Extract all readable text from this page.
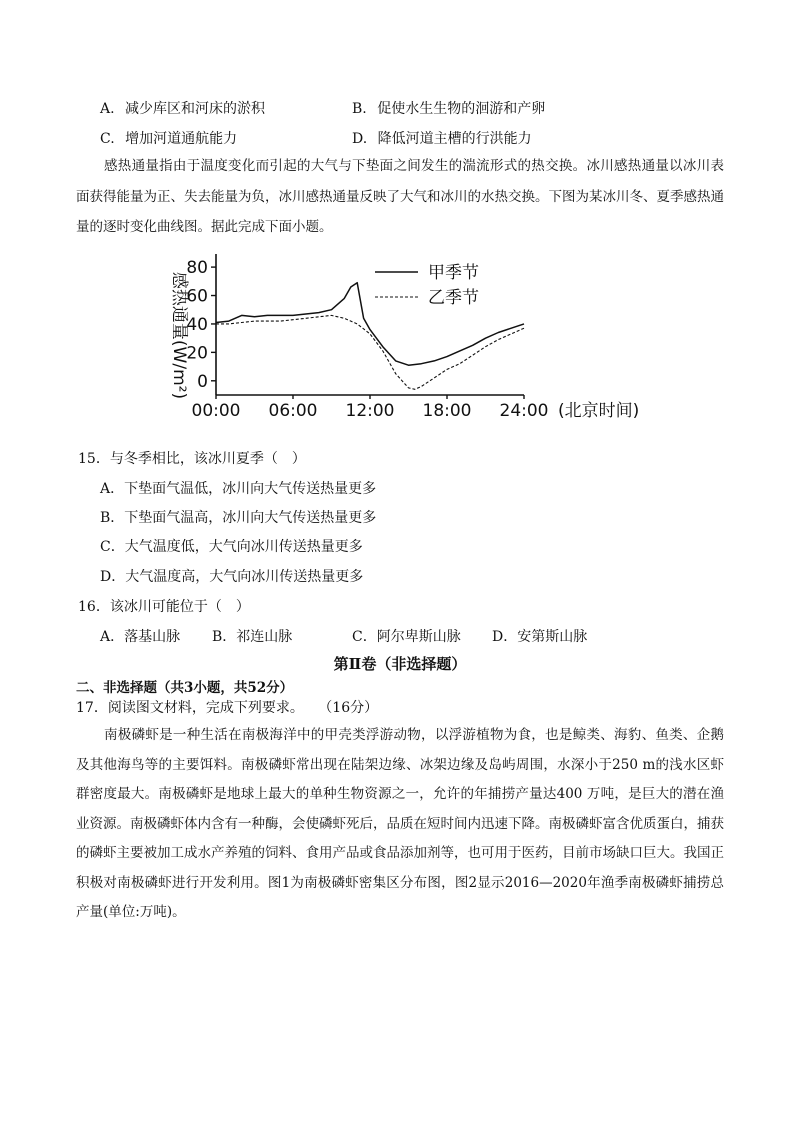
A. 减少库区和河床的淤积	B. 促使水生生物的洄游和产卵
C. 增加河道通航能力	D. 降低河道主槽的行洪能力
感热通量指由于温度变化而引起的大气与下垫面之间发生的湍流形式的热交换。冰川感热通量以冰川表面获得能量为正、失去能量为负，冰川感热通量反映了大气和冰川的水热交换。下图为某冰川冬、夏季感热通量的逐时变化曲线图。据此完成下面小题。
0
20
40
60
80
00:00 06:00 12:00 18:00 24:00 (北京时间)
感热通量(W/m²)	甲季节
乙季节
15．与冬季相比，该冰川夏季（　）
A．下垫面气温低，冰川向大气传送热量更多
B．下垫面气温高，冰川向大气传送热量更多
C．大气温度低，大气向冰川传送热量更多
D．大气温度高，大气向冰川传送热量更多
16．该冰川可能位于（　）
A．落基山脉 B．祁连山脉	C．阿尔卑斯山脉 D．安第斯山脉
第Ⅱ卷（非选择题）
二、非选择题（共3小题，共52分）
17．阅读图文材料，完成下列要求。 （16分）
南极磷虾是一种生活在南极海洋中的甲壳类浮游动物，以浮游植物为食，也是鲸类、海豹、鱼类、企鹅及其他海鸟等的主要饵料。南极磷虾常出现在陆架边缘、冰架边缘及岛屿周围，水深小于250 m的浅水区虾群密度最大。南极磷虾是地球上最大的单种生物资源之一，允许的年捕捞产量达400 万吨，是巨大的潜在渔业资源。南极磷虾体内含有一种酶，会使磷虾死后，品质在短时间内迅速下降。南极磷虾富含优质蛋白，捕获的磷虾主要被加工成水产养殖的饲料、食用产品或食品添加剂等，也可用于医药，目前市场缺口巨大。我国正积极对南极磷虾进行开发利用。图1为南极磷虾密集区分布图，图2显示2016—2020年渔季南极磷虾捕捞总产量(单位:万吨)。
